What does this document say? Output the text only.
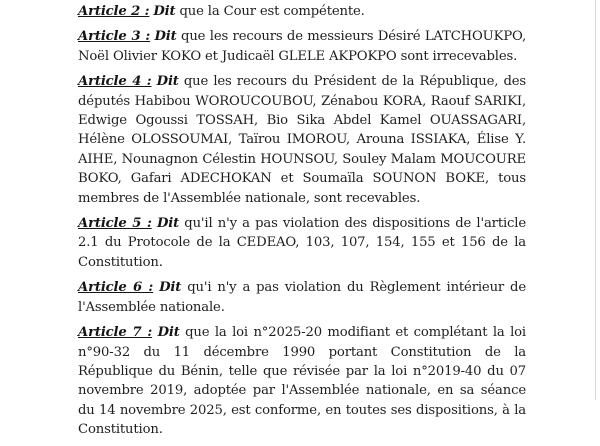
Article 2 : Dit que la Cour est compétente.

Article 3 : Dit que les recours de messieurs Désiré LATCHOUKPO, Noël Olivier KOKO et Judicaël GLELE AKPOKPO sont irrecevables.

Article 4 : Dit que les recours du Président de la République, des députés Habibou WOROUCOUBOU, Zénabou KORA, Raouf SARIKI, Edwige Ogoussi TOSSAH, Bio Sika Abdel Kamel OUASSAGARI, Hélène OLOSSOUMAI, Taïrou IMOROU, Arouna ISSIAKA, Élise Y. AIHE, Nounagnon Célestin HOUNSOU, Souley Malam MOUCOURE BOKO, Gafari ADECHOKAN et Soumaïla SOUNON BOKE, tous membres de l'Assemblée nationale, sont recevables.

Article 5 : Dit qu'il n'y a pas violation des dispositions de l'article 2.1 du Protocole de la CEDEAO, 103, 107, 154, 155 et 156 de la Constitution.

Article 6 : Dit qu'i n'y a pas violation du Règlement intérieur de l'Assemblée nationale.

Article 7 : Dit que la loi n°2025-20 modifiant et complétant la loi n°90-32 du 11 décembre 1990 portant Constitution de la République du Bénin, telle que révisée par la loi n°2019-40 du 07 novembre 2019, adoptée par l'Assemblée nationale, en sa séance du 14 novembre 2025, est conforme, en toutes ses dispositions, à la Constitution.
